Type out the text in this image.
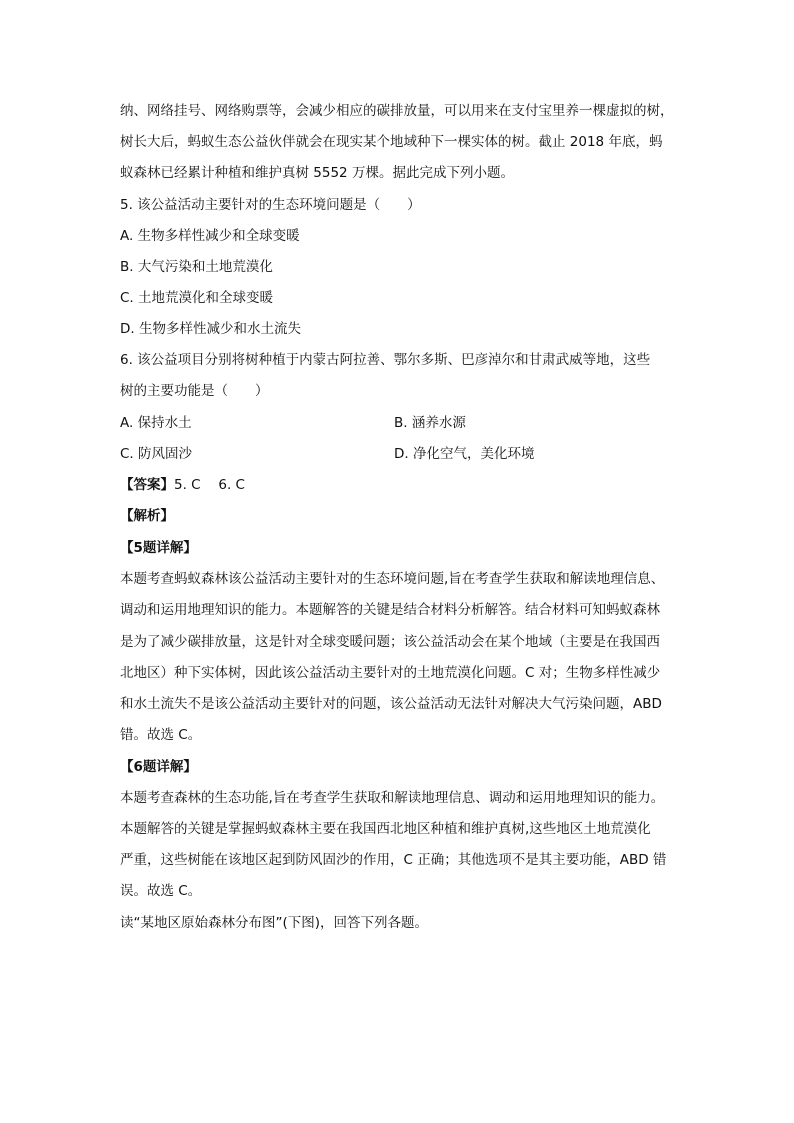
纳、网络挂号、网络购票等，会减少相应的碳排放量，可以用来在支付宝里养一棵虚拟的树，
树长大后，蚂蚁生态公益伙伴就会在现实某个地域种下一棵实体的树。截止 2018 年底，蚂
蚁森林已经累计种植和维护真树 5552 万棵。据此完成下列小题。
5. 该公益活动主要针对的生态环境问题是（　　）
A. 生物多样性减少和全球变暖
B. 大气污染和土地荒漠化
C. 土地荒漠化和全球变暖
D. 生物多样性减少和水土流失
6. 该公益项目分别将树种植于内蒙古阿拉善、鄂尔多斯、巴彦淖尔和甘肃武威等地，这些
树的主要功能是（　　）
A. 保持水土	B. 涵养水源
C. 防风固沙	D. 净化空气，美化环境
【答案】5. C　 6. C
【解析】
【5题详解】
本题考查蚂蚁森林该公益活动主要针对的生态环境问题,旨在考查学生获取和解读地理信息、
调动和运用地理知识的能力。本题解答的关键是结合材料分析解答。结合材料可知蚂蚁森林
是为了减少碳排放量，这是针对全球变暖问题；该公益活动会在某个地域（主要是在我国西
北地区）种下实体树，因此该公益活动主要针对的土地荒漠化问题。C 对；生物多样性减少
和水土流失不是该公益活动主要针对的问题，该公益活动无法针对解决大气污染问题，ABD
错。故选 C。
【6题详解】
本题考查森林的生态功能,旨在考查学生获取和解读地理信息、调动和运用地理知识的能力。
本题解答的关键是掌握蚂蚁森林主要在我国西北地区种植和维护真树,这些地区土地荒漠化
严重，这些树能在该地区起到防风固沙的作用，C 正确；其他选项不是其主要功能，ABD 错
误。故选 C。
读“某地区原始森林分布图”(下图)，回答下列各题。
